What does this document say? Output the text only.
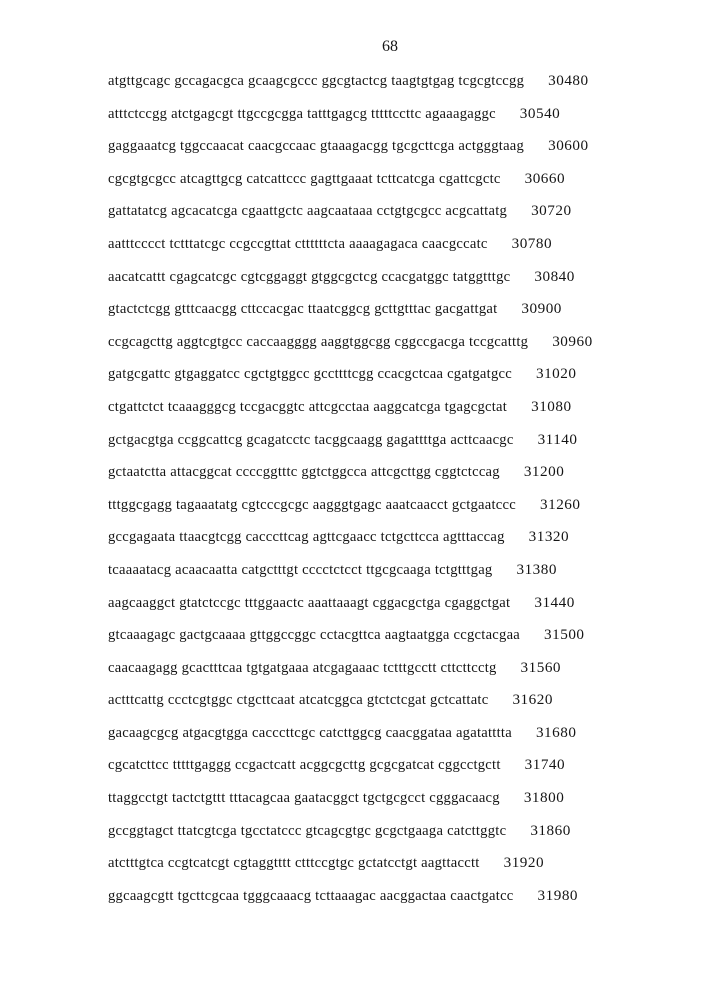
68
atgttgcagc gccagacgca gcaagcgccc ggcgtactcg taagtgtgag tcgcgtccgg 30480
atttctccgg atctgagcgt ttgccgcgga tatttgagcg tttttccttc agaaagaggc 30540
gaggaaatcg tggccaacat caacgccaac gtaaagacgg tgcgcttcga actgggtaag 30600
cgcgtgcgcc atcagttgcg catcattccc gagttgaaat tcttcatcga cgattcgctc 30660
gattatatcg agcacatcga cgaattgctc aagcaataaa cctgtgcgcc acgcattatg 30720
aatttcccct tctttatcgc ccgccgttat cttttttcta aaaagagaca caacgccatc 30780
aacatcattt cgagcatcgc cgtcggaggt gtggcgctcg ccacgatggc tatggtttgc 30840
gtactctcgg gtttcaacgg cttccacgac ttaatcggcg gcttgtttac gacgattgat 30900
ccgcagcttg aggtcgtgcc caccaagggg aaggtggcgg cggccgacga tccgcatttg 30960
gatgcgattc gtgaggatcc cgctgtggcc gccttttcgg ccacgctcaa cgatgatgcc 31020
ctgattctct tcaaagggcg tccgacggtc attcgcctaa aaggcatcga tgagcgctat 31080
gctgacgtga ccggcattcg gcagatcctc tacggcaagg gagattttga acttcaacgc 31140
gctaatctta attacggcat ccccggtttc ggtctggcca attcgcttgg cggtctccag 31200
tttggcgagg tagaaatatg cgtcccgcgc aagggtgagc aaatcaacct gctgaatccc 31260
gccgagaata ttaacgtcgg cacccttcag agttcgaacc tctgcttcca agtttaccag 31320
tcaaaatacg acaacaatta catgctttgt cccctctcct ttgcgcaaga tctgtttgag 31380
aagcaaggct gtatctccgc tttggaactc aaattaaagt cggacgctga cgaggctgat 31440
gtcaaagagc gactgcaaaa gttggccggc cctacgttca aagtaatgga ccgctacgaa 31500
caacaagagg gcactttcaa tgtgatgaaa atcgagaaac tctttgcctt cttcttcctg 31560
actttcattg ccctcgtggc ctgcttcaat atcatcggca gtctctcgat gctcattatc 31620
gacaagcgcg atgacgtgga cacccttcgc catcttggcg caacggataa agatatttta 31680
cgcatcttcc tttttgaggg ccgactcatt acggcgcttg gcgcgatcat cggcctgctt 31740
ttaggcctgt tactctgttt tttacagcaa gaatacggct tgctgcgcct cgggacaacg 31800
gccggtagct ttatcgtcga tgcctatccc gtcagcgtgc gcgctgaaga catcttggtc 31860
atctttgtca ccgtcatcgt cgtaggtttt ctttccgtgc gctatcctgt aagttacctt 31920
ggcaagcgtt tgcttcgcaa tgggcaaacg tcttaaagac aacggactaa caactgatcc 31980
